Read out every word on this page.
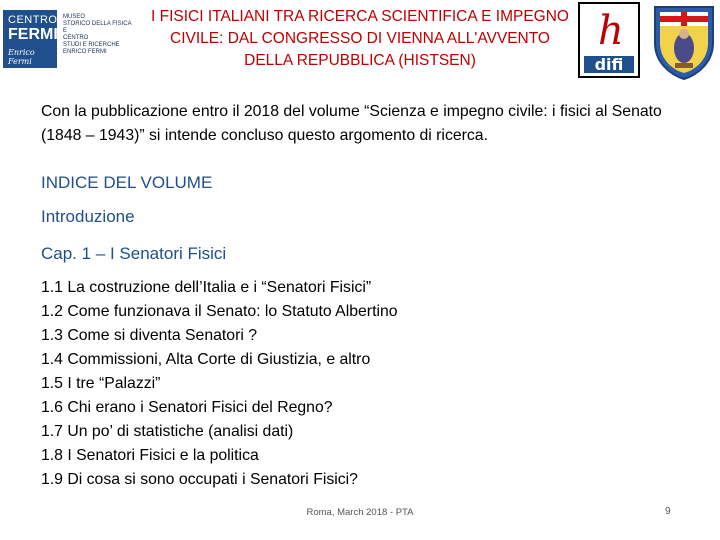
CENTRO
FERMI
Enrico Fermi
MUSEO
STORICO DELLA FISICA
E
CENTRO
STUDI E RICERCHE
ENRICO FERMI
I FISICI ITALIANI TRA RICERCA SCIENTIFICA E IMPEGNO CIVILE: DAL CONGRESSO DI VIENNA ALL'AVVENTO DELLA REPUBBLICA (HISTSEN)
h
difi
Con la pubblicazione entro il 2018 del volume “Scienza e impegno civile: i fisici al Senato (1848 – 1943)” si intende concluso questo argomento di ricerca.
INDICE DEL VOLUME
Introduzione
Cap. 1 – I Senatori Fisici
1.1 La costruzione dell’Italia e i “Senatori Fisici”
1.2 Come funzionava il Senato: lo Statuto Albertino
1.3 Come si diventa Senatori ?
1.4 Commissioni, Alta Corte di Giustizia, e altro
1.5 I tre “Palazzi”
1.6 Chi erano i Senatori Fisici del Regno?
1.7 Un po’ di statistiche (analisi dati)
1.8 I Senatori Fisici e la politica
1.9 Di cosa si sono occupati i Senatori Fisici?
Roma, March 2018 - PTA	9
